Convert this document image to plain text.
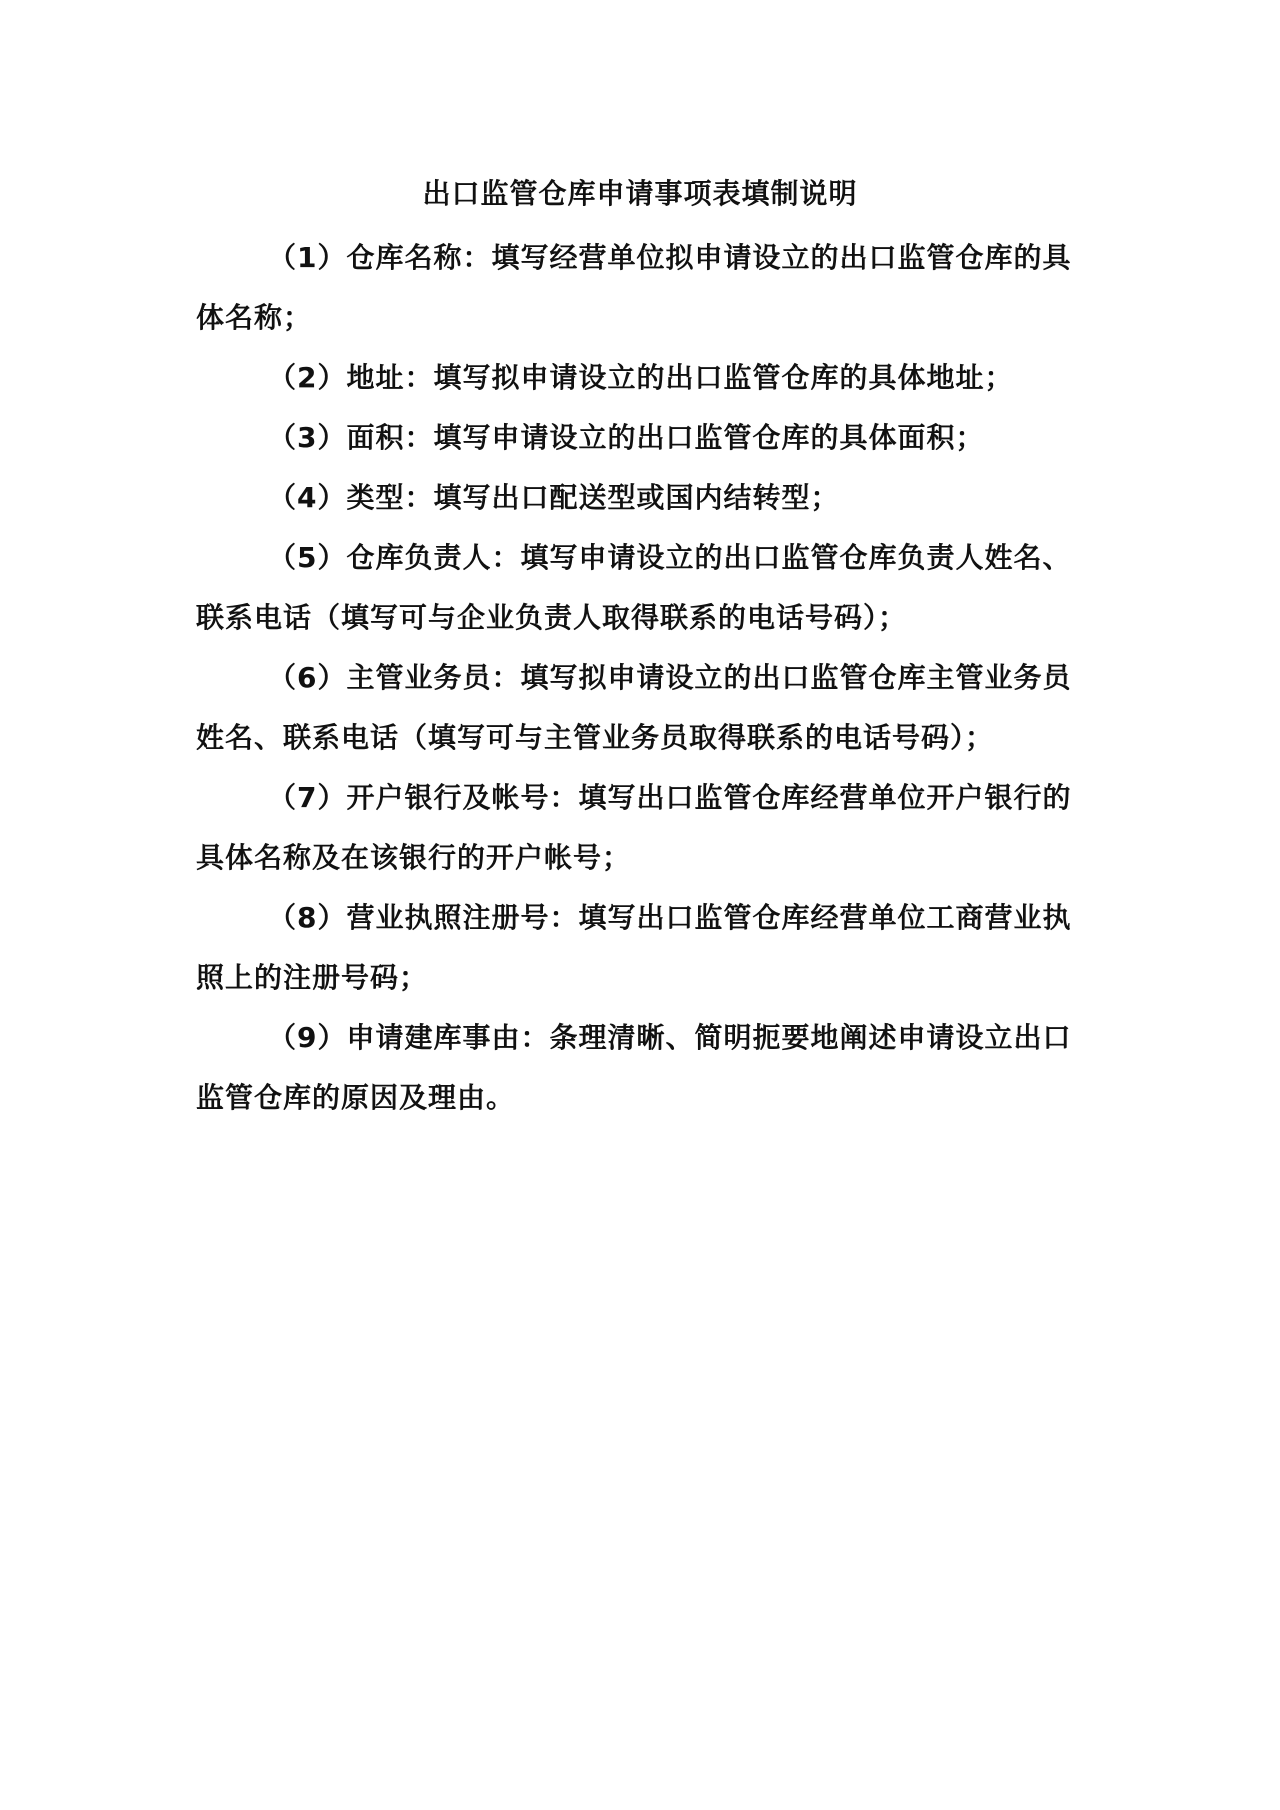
出口监管仓库申请事项表填制说明

（1）仓库名称：填写经营单位拟申请设立的出口监管仓库的具体名称；

（2）地址：填写拟申请设立的出口监管仓库的具体地址；

（3）面积：填写申请设立的出口监管仓库的具体面积；

（4）类型：填写出口配送型或国内结转型；

（5）仓库负责人：填写申请设立的出口监管仓库负责人姓名、联系电话（填写可与企业负责人取得联系的电话号码）；

（6）主管业务员：填写拟申请设立的出口监管仓库主管业务员姓名、联系电话（填写可与主管业务员取得联系的电话号码）；

（7）开户银行及帐号：填写出口监管仓库经营单位开户银行的具体名称及在该银行的开户帐号；

（8）营业执照注册号：填写出口监管仓库经营单位工商营业执照上的注册号码；

（9）申请建库事由：条理清晰、简明扼要地阐述申请设立出口监管仓库的原因及理由。
